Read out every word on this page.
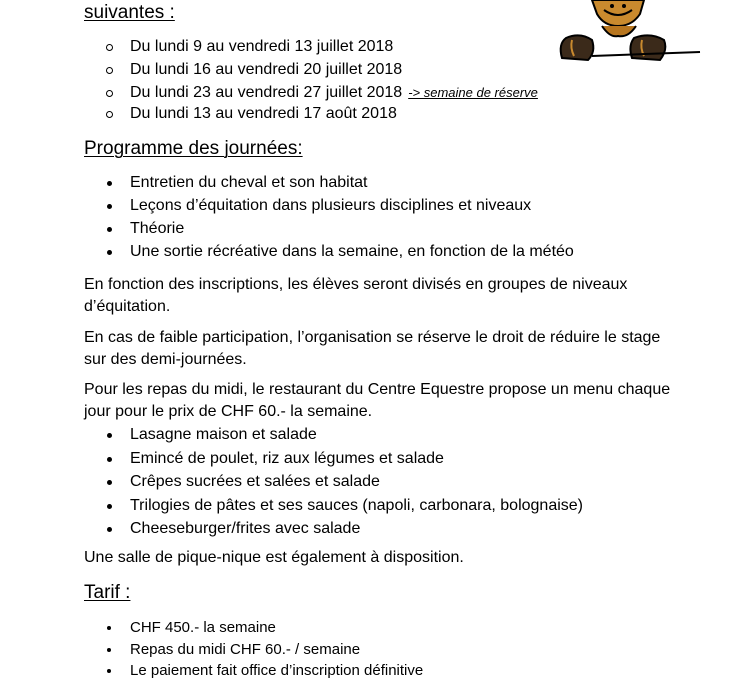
suivantes :
Du lundi 9 au vendredi 13 juillet 2018
Du lundi 16 au vendredi 20 juillet 2018
Du lundi 23 au vendredi 27 juillet 2018 -> semaine de réserve
Du lundi 13 au vendredi 17 août 2018
Programme des journées:
Entretien du cheval et son habitat
Leçons d’équitation dans plusieurs disciplines et niveaux
Théorie
Une sortie récréative dans la semaine, en fonction de la météo
En fonction des inscriptions, les élèves seront divisés en groupes de niveaux d’équitation.
En cas de faible participation, l’organisation se réserve le droit de réduire le stage sur des demi-journées.
Pour les repas du midi, le restaurant du Centre Equestre propose un menu chaque jour pour le prix de CHF 60.- la semaine.
Lasagne maison et salade
Emincé de poulet, riz aux légumes et salade
Crêpes sucrées et salées et salade
Trilogies de pâtes et ses sauces (napoli, carbonara, bolognaise)
Cheeseburger/frites avec salade
Une salle de pique-nique est également à disposition.
Tarif :
CHF 450.- la semaine
Repas du midi CHF 60.- / semaine
Le paiement fait office d’inscription définitive
